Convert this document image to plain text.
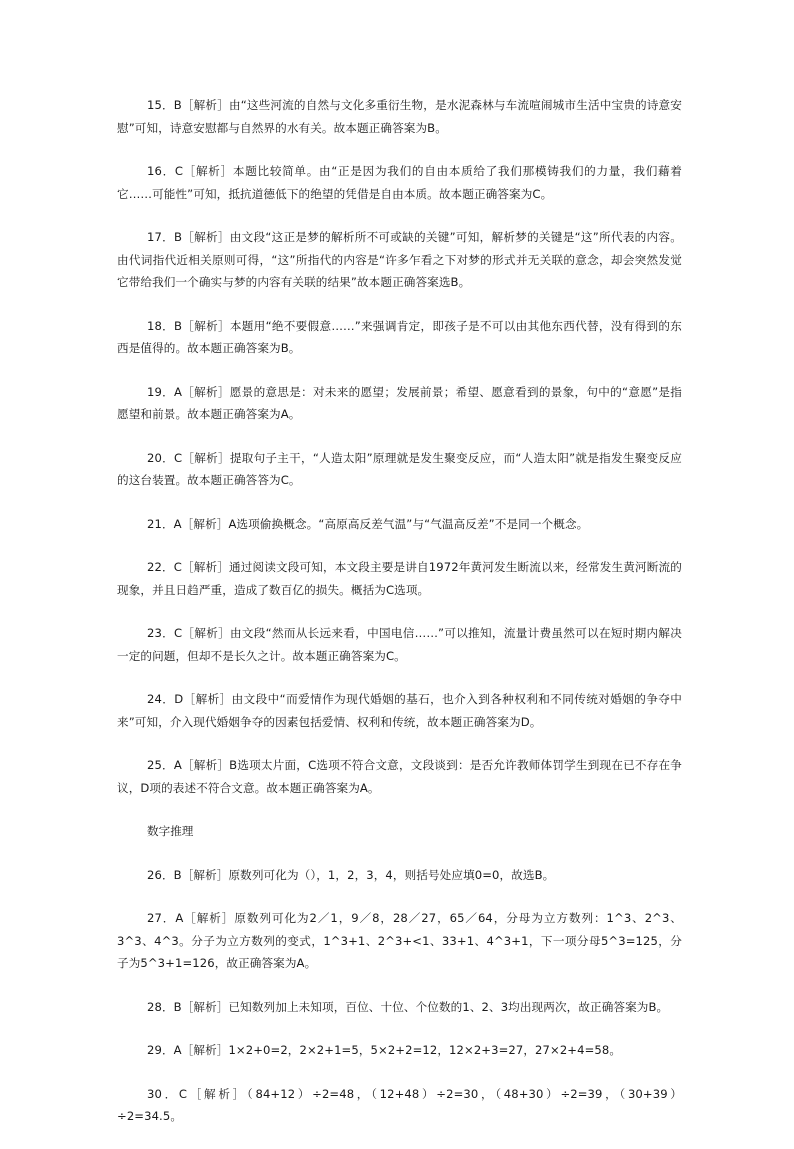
15．B［解析］由“这些河流的自然与文化多重衍生物，是水泥森林与车流喧闹城市生活中宝贵的诗意安慰”可知，诗意安慰都与自然界的水有关。故本题正确答案为B。

16．C［解析］本题比较简单。由“正是因为我们的自由本质给了我们那模铸我们的力量，我们藉着它……可能性”可知，抵抗道德低下的绝望的凭借是自由本质。故本题正确答案为C。

17．B［解析］由文段“这正是梦的解析所不可或缺的关键”可知，解析梦的关键是“这”所代表的内容。由代词指代近相关原则可得，“这”所指代的内容是“许多乍看之下对梦的形式并无关联的意念，却会突然发觉它带给我们一个确实与梦的内容有关联的结果”故本题正确答案选B。

18．B［解析］本题用“绝不要假意……”来强调肯定，即孩子是不可以由其他东西代替，没有得到的东西是值得的。故本题正确答案为B。

19．A［解析］愿景的意思是：对未来的愿望；发展前景；希望、愿意看到的景象，句中的“意愿”是指愿望和前景。故本题正确答案为A。

20．C［解析］提取句子主干，“人造太阳”原理就是发生聚变反应，而“人造太阳”就是指发生聚变反应的这台装置。故本题正确答答为C。

21．A［解析］A选项偷换概念。“高原高反差气温”与“气温高反差”不是同一个概念。

22．C［解析］通过阅读文段可知，本文段主要是讲自1972年黄河发生断流以来，经常发生黄河断流的现象，并且日趋严重，造成了数百亿的损失。概括为C选项。

23．C［解析］由文段“然而从长远来看，中国电信……”可以推知，流量计费虽然可以在短时期内解决一定的问题，但却不是长久之计。故本题正确答案为C。

24．D［解析］由文段中“而爱情作为现代婚姻的基石，也介入到各种权利和不同传统对婚姻的争夺中来”可知，介入现代婚姻争夺的因素包括爱情、权利和传统，故本题正确答案为D。

25．A［解析］B选项太片面，C选项不符合文意，文段谈到：是否允许教师体罚学生到现在已不存在争议，D项的表述不符合文意。故本题正确答案为A。

数字推理

26．B［解析］原数列可化为（），1，2，3，4，则括号处应填0=0，故选B。

27．A［解析］原数列可化为2／1，9／8，28／27，65／64，分母为立方数列：1^3、2^3、3^3、4^3。分子为立方数列的变式，1^3+1、2^3+<1、33+1、4^3+1，下一项分母5^3=125，分子为5^3+1=126，故正确答案为A。

28．B［解析］已知数列加上未知项，百位、十位、个位数的1、2、3均出现两次，故正确答案为B。

29．A［解析］1×2+0=2，2×2+1=5，5×2+2=12，12×2+3=27，27×2+4=58。

30．C［解析］（84+12）÷2=48，（12+48）÷2=30，（48+30）÷2=39，（30+39）÷2=34.5。
